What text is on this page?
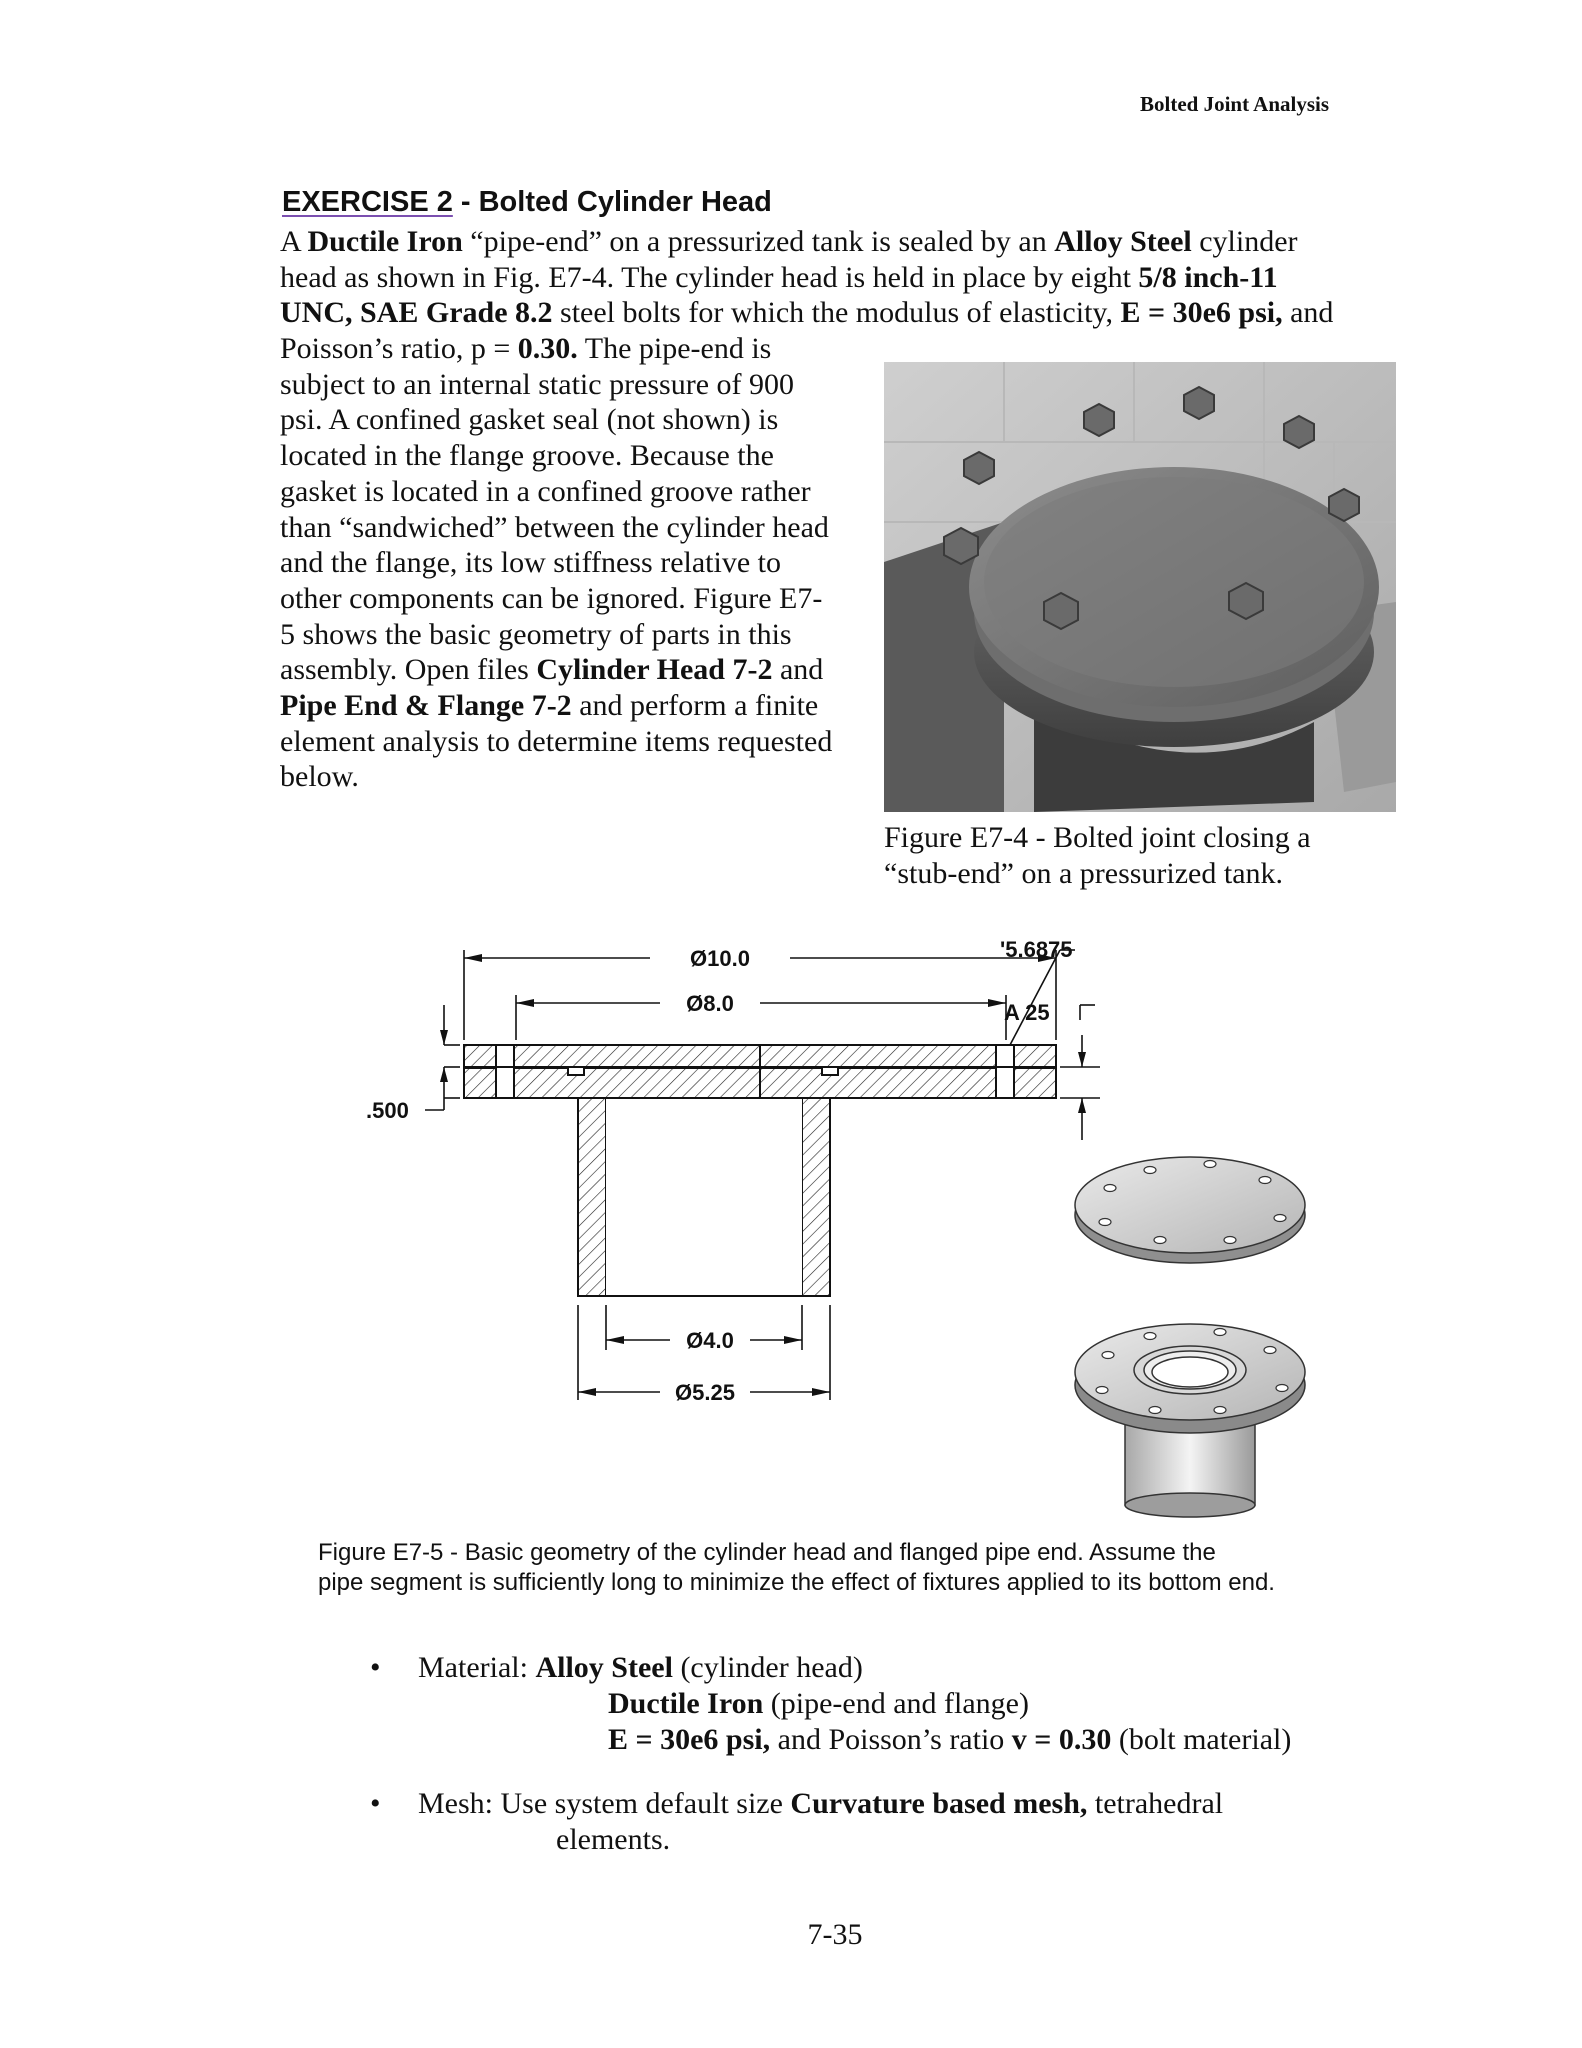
Bolted Joint Analysis
EXERCISE 2 - Bolted Cylinder Head
A Ductile Iron “pipe-end” on a pressurized tank is sealed by an Alloy Steel cylinder
head as shown in Fig. E7-4. The cylinder head is held in place by eight 5/8 inch-11
UNC, SAE Grade 8.2 steel bolts for which the modulus of elasticity, E = 30e6 psi, and
Poisson’s ratio, p = 0.30. The pipe-end is
subject to an internal static pressure of 900
psi. A confined gasket seal (not shown) is
located in the flange groove. Because the
gasket is located in a confined groove rather
than “sandwiched” between the cylinder head
and the flange, its low stiffness relative to
other components can be ignored. Figure E7-
5 shows the basic geometry of parts in this
assembly. Open files Cylinder Head 7-2 and
Pipe End & Flange 7-2 and perform a finite
element analysis to determine items requested
below.
Figure E7-4 - Bolted joint closing a
“stub-end” on a pressurized tank.
Ø10.0
Ø8.0
Ø4.0
Ø5.25
'5.6875
A 25
.500
Figure E7-5 - Basic geometry of the cylinder head and flanged pipe end. Assume the
pipe segment is sufficiently long to minimize the effect of fixtures applied to its bottom end.
• Material: Alloy Steel (cylinder head)
Ductile Iron (pipe-end and flange)
E = 30e6 psi, and Poisson’s ratio v = 0.30 (bolt material)
• Mesh: Use system default size Curvature based mesh, tetrahedral
elements.
7-35
